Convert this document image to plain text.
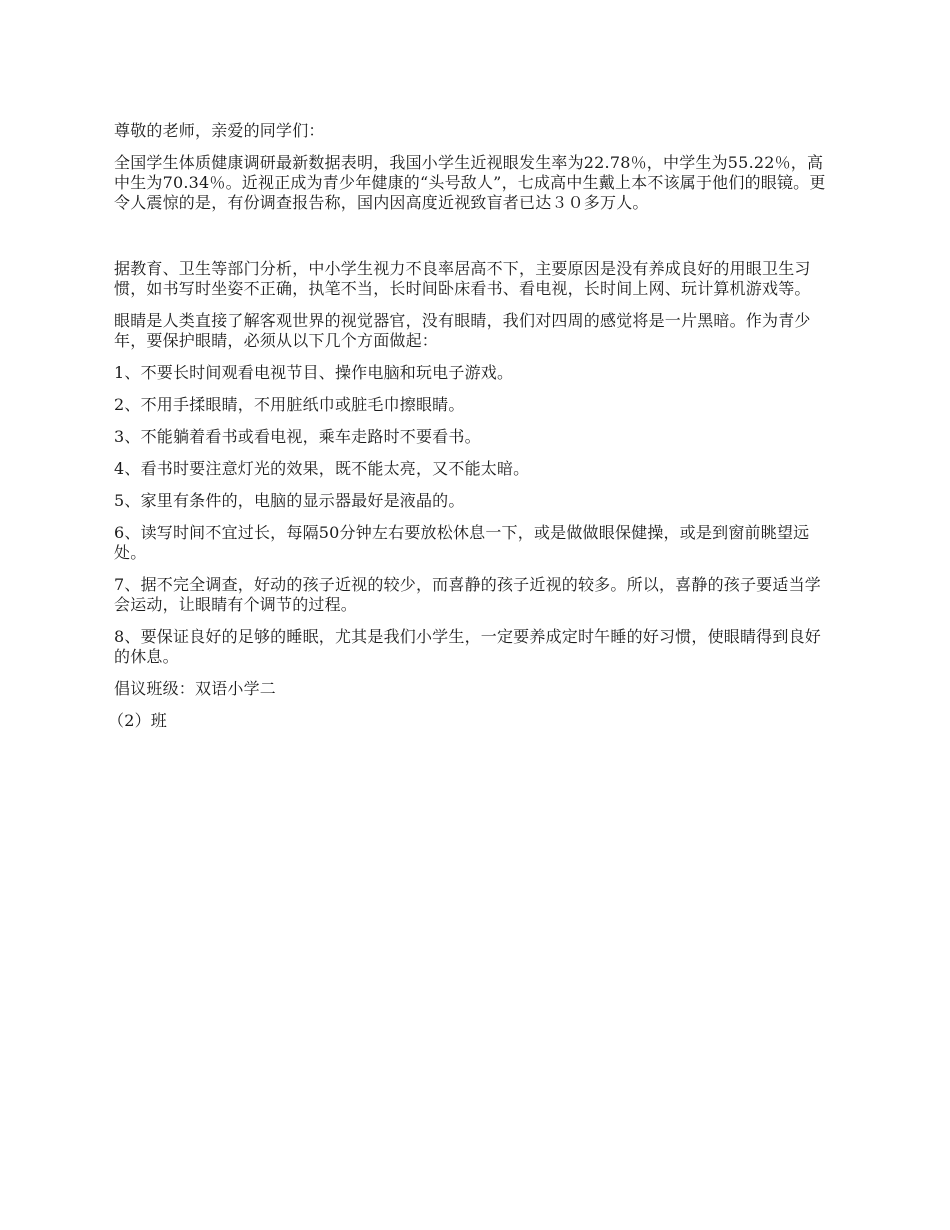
尊敬的老师，亲爱的同学们：

全国学生体质健康调研最新数据表明，我国小学生近视眼发生率为22.78％，中学生为55.22％，高中生为70.34％。近视正成为青少年健康的“头号敌人”，七成高中生戴上本不该属于他们的眼镜。更令人震惊的是，有份调查报告称，国内因高度近视致盲者已达３０多万人。

据教育、卫生等部门分析，中小学生视力不良率居高不下，主要原因是没有养成良好的用眼卫生习惯，如书写时坐姿不正确，执笔不当，长时间卧床看书、看电视，长时间上网、玩计算机游戏等。

眼睛是人类直接了解客观世界的视觉器官，没有眼睛，我们对四周的感觉将是一片黑暗。作为青少年，要保护眼睛，必须从以下几个方面做起：

1、不要长时间观看电视节目、操作电脑和玩电子游戏。

2、不用手揉眼睛，不用脏纸巾或脏毛巾擦眼睛。

3、不能躺着看书或看电视，乘车走路时不要看书。

4、看书时要注意灯光的效果，既不能太亮，又不能太暗。

5、家里有条件的，电脑的显示器最好是液晶的。

6、读写时间不宜过长，每隔50分钟左右要放松休息一下，或是做做眼保健操，或是到窗前眺望远处。

7、据不完全调查，好动的孩子近视的较少，而喜静的孩子近视的较多。所以，喜静的孩子要适当学会运动，让眼睛有个调节的过程。

8、要保证良好的足够的睡眠，尤其是我们小学生，一定要养成定时午睡的好习惯，使眼睛得到良好的休息。

倡议班级：双语小学二

（2）班
